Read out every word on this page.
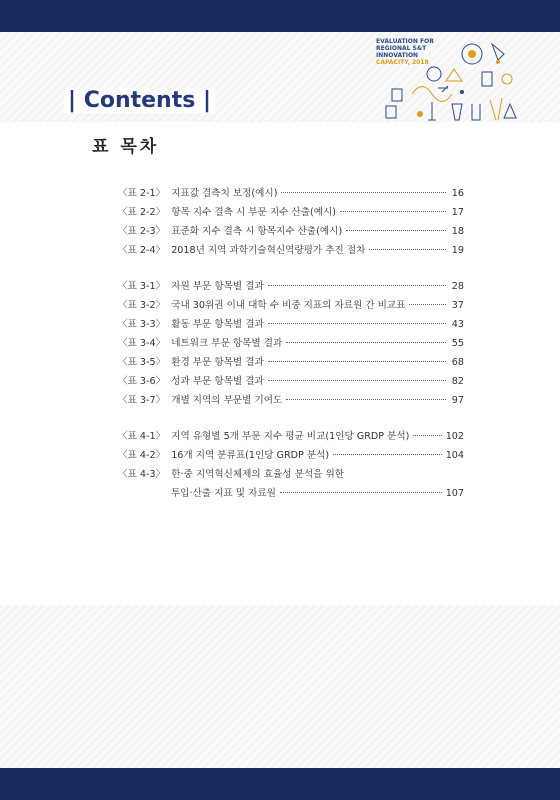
| Contents |
EVALUATION FOR
REGIONAL S&T
INNOVATION
CAPACITY, 2018
표 목차
〈표 2-1〉 지표값 결측치 보정(예시)	16
〈표 2-2〉 항목 지수 결측 시 부문 지수 산출(예시)	17
〈표 2-3〉 표준화 지수 결측 시 항목지수 산출(예시)	18
〈표 2-4〉 2018년 지역 과학기술혁신역량평가 추진 절차	19
〈표 3-1〉 자원 부문 항목별 결과	28
〈표 3-2〉 국내 30위권 이내 대학 수 비중 지표의 자료원 간 비교표	37
〈표 3-3〉 활동 부문 항목별 결과	43
〈표 3-4〉 네트워크 부문 항목별 결과	55
〈표 3-5〉 환경 부문 항목별 결과	68
〈표 3-6〉 성과 부문 항목별 결과	82
〈표 3-7〉 개별 지역의 부문별 기여도	97
〈표 4-1〉 지역 유형별 5개 부문 지수 평균 비교(1인당 GRDP 분석)	102
〈표 4-2〉 16개 지역 분류표(1인당 GRDP 분석)	104
〈표 4-3〉 한·중 지역혁신체제의 효율성 분석을 위한
투입·산출 지표 및 자료원	107
